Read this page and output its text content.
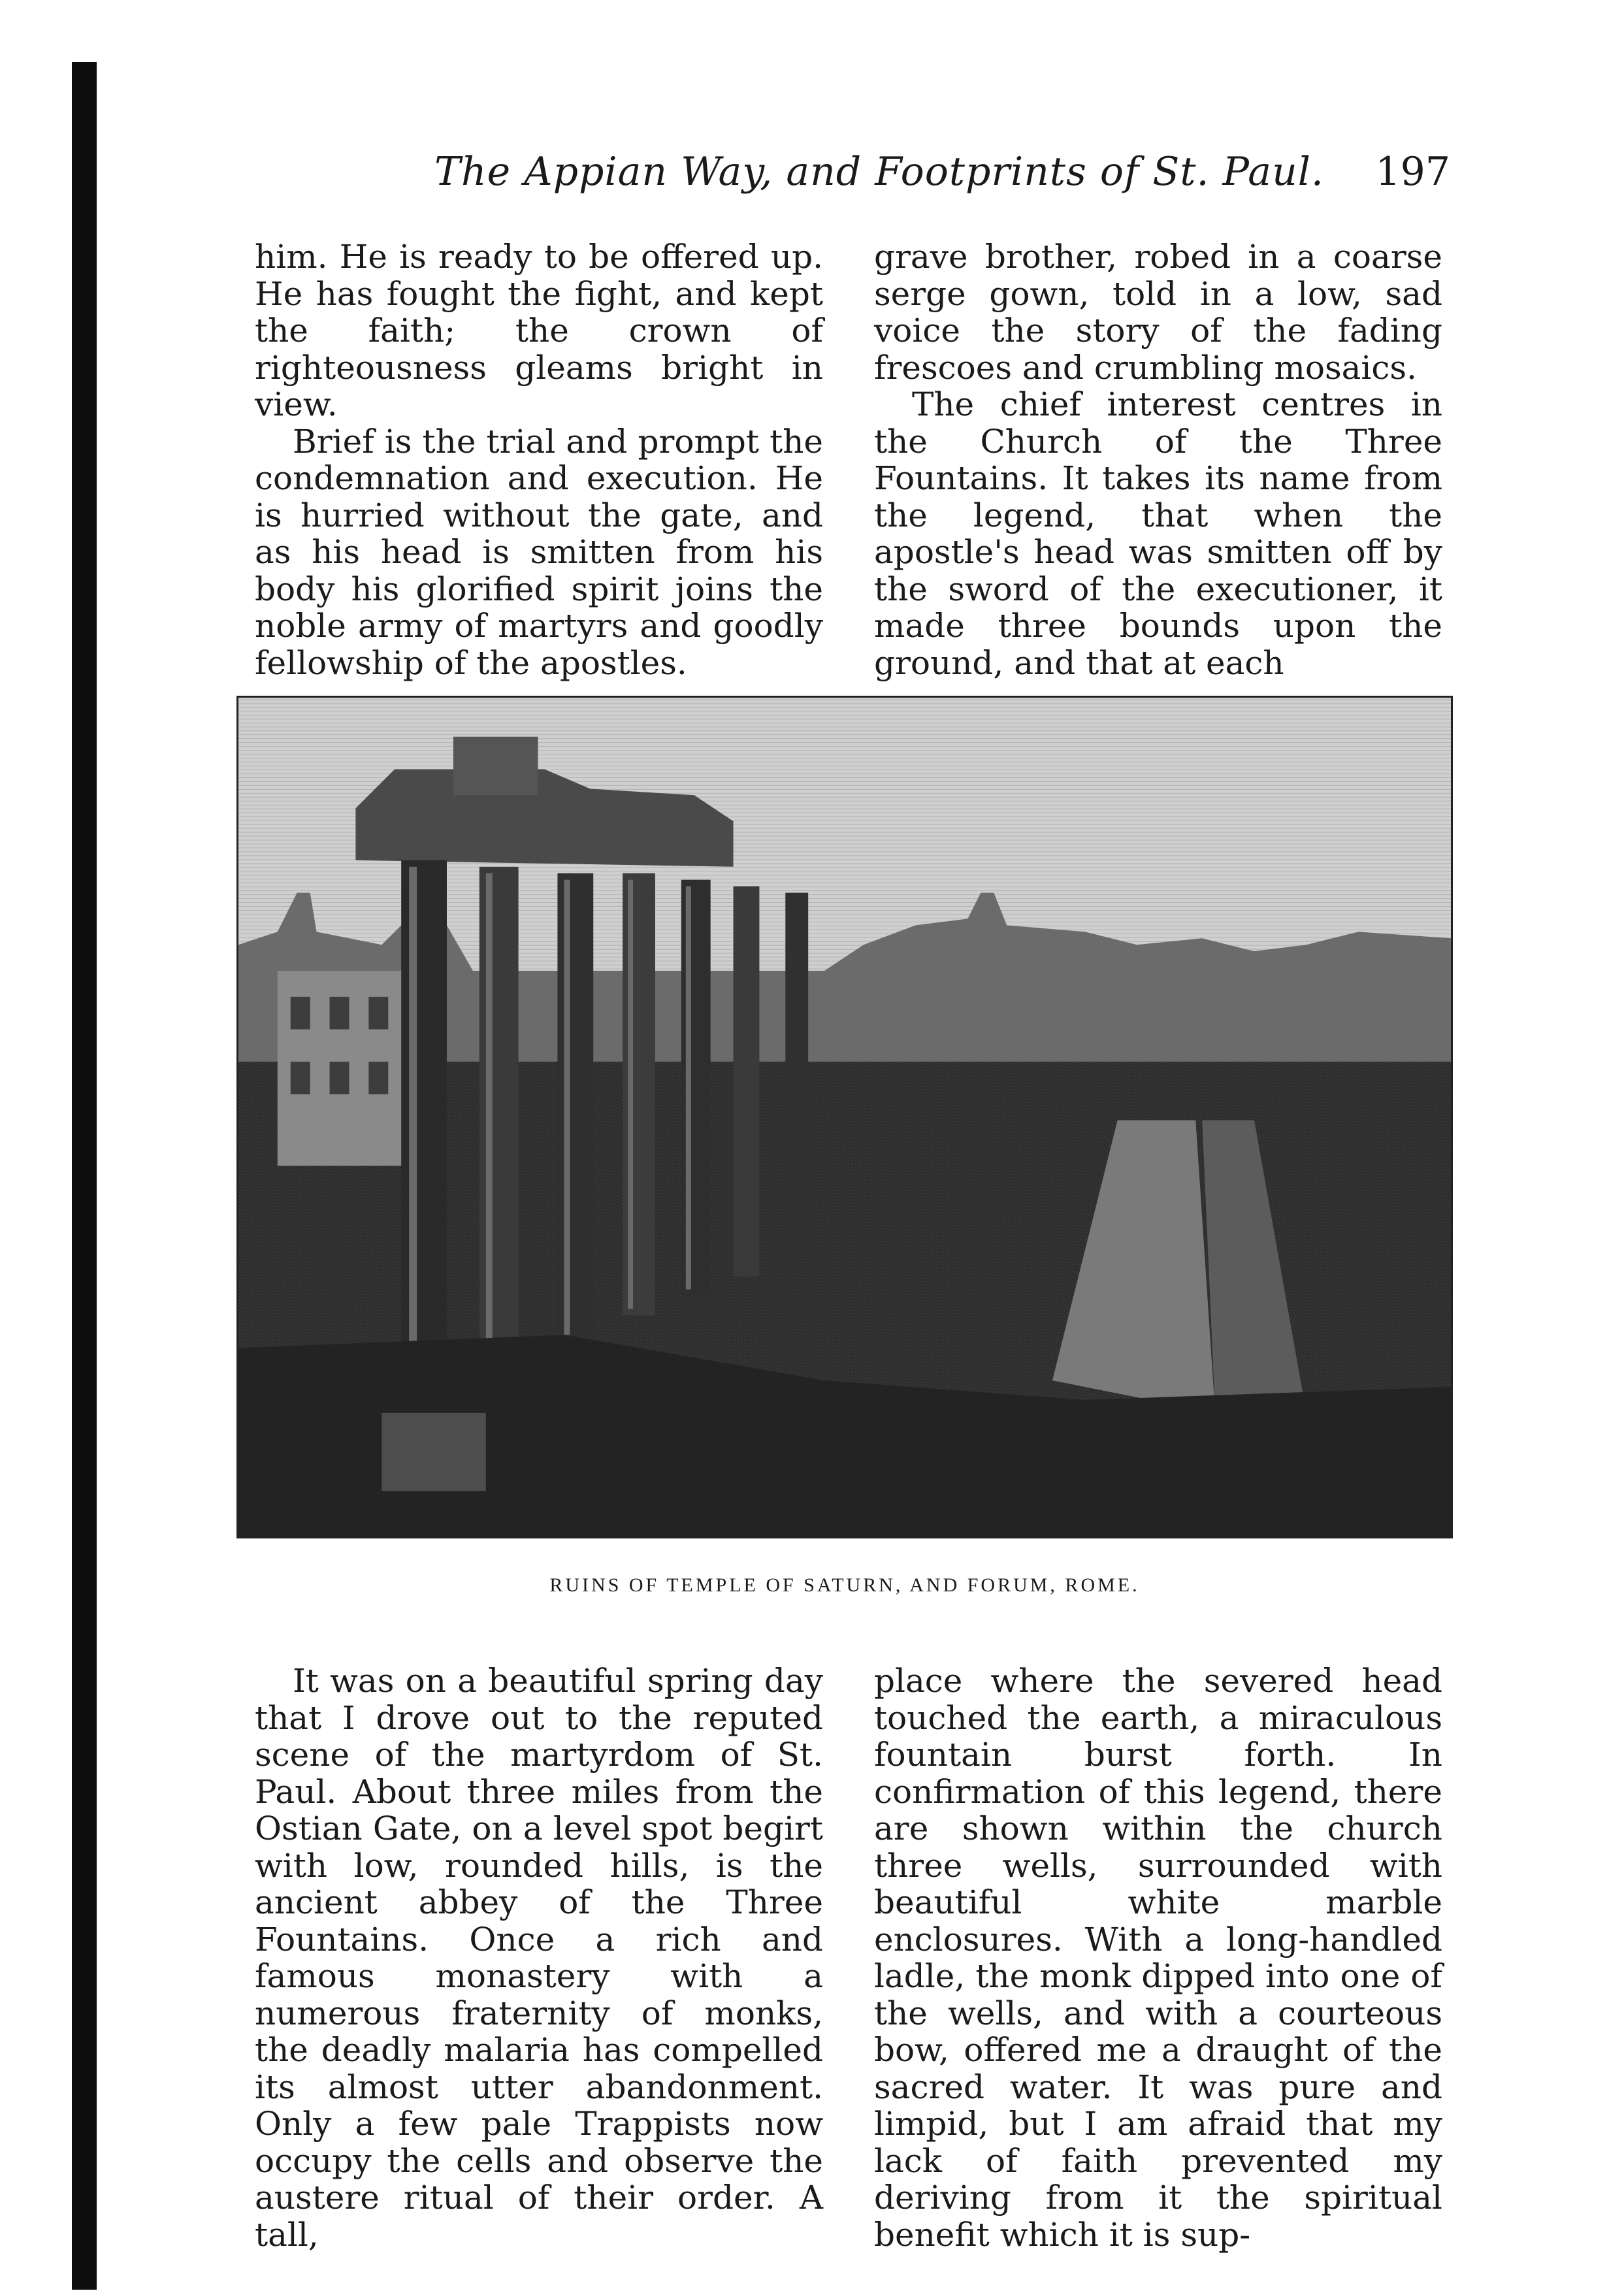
The Appian Way, and Footprints of St. Paul. 197

him. He is ready to be offered up. He has fought the fight, and kept the faith; the crown of righteousness gleams bright in view.

Brief is the trial and prompt the condemnation and execution. He is hurried without the gate, and as his head is smitten from his body his glorified spirit joins the noble army of martyrs and goodly fellowship of the apostles.

grave brother, robed in a coarse serge gown, told in a low, sad voice the story of the fading frescoes and crumbling mosaics.

The chief interest centres in the Church of the Three Fountains. It takes its name from the legend, that when the apostle's head was smitten off by the sword of the executioner, it made three bounds upon the ground, and that at each

RUINS OF TEMPLE OF SATURN, AND FORUM, ROME.

It was on a beautiful spring day that I drove out to the reputed scene of the martyrdom of St. Paul. About three miles from the Ostian Gate, on a level spot begirt with low, rounded hills, is the ancient abbey of the Three Fountains. Once a rich and famous monastery with a numerous fraternity of monks, the deadly malaria has compelled its almost utter abandonment. Only a few pale Trappists now occupy the cells and observe the austere ritual of their order. A tall,

place where the severed head touched the earth, a miraculous fountain burst forth. In confirmation of this legend, there are shown within the church three wells, surrounded with beautiful white marble enclosures. With a long-handled ladle, the monk dipped into one of the wells, and with a courteous bow, offered me a draught of the sacred water. It was pure and limpid, but I am afraid that my lack of faith prevented my deriving from it the spiritual benefit which it is sup-
